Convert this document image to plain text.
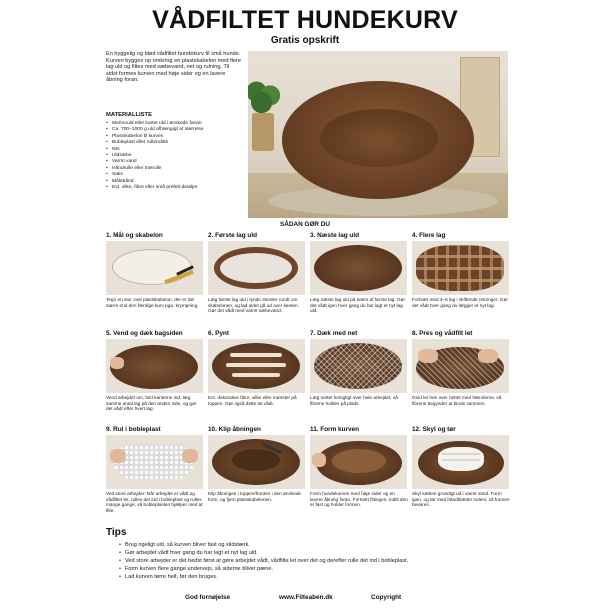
VÅDFILTET HUNDEKURV
Gratis opskrift

En hyggelig og blød vådfiltet hundekurv til små hunde. Kurven bygges op omkring en plastskabelon med flere lag uld og filtes med sæbevand, net og rulning. Til sidst formes kurven med høje sider og en lavere åbning foran.

MATERIALLISTE
• Merinould eller kartet uld i ønskede farver
• Ca. 700–1000 g uld afhængigt af størrelse
• Plastskabelon til kurven
• Bobleplast eller rullemåtte
• Net
• Uldsæbe
• Varmt vand
• Håndrulle eller trærulle
• Saks
• Målebånd
• Evt. silke, fibre eller små prefelt-detaljer
SÅDAN GØR DU
1. Mål og skabelon
Tegn en stor oval plastskabelon, der er lidt større end den færdige kurv pga. krympning.
2. Første lag uld
Læg første lag uld i tynde strimler rundt om skabelonen, og lad uldet gå ud over kanten. Gør det vådt med varmt sæbevand.
3. Næste lag uld
Læg næste lag uld på tværs af første lag. Gør det vådt igen hver gang du har lagt et nyt lag uld.
4. Flere lag
Fortsæt med 4–6 lag i skiftende retninger. Gør det vådt hver gang du lægger et nyt lag.
5. Vend og dæk bagsiden
Vend arbejdet om, fold kanterne ind, læg samme antal lag på den anden side, og gør det vådt efter hvert lag.
6. Pynt
Evt. dekorative fibre, silke eller mønster på toppen. Gør også dette lat vådt.
7. Dæk med net
Læg nettet forsigtigt over hele arbejdet, så fibrene holdes på plads.
8. Pres og vådfilt let
Gnid let hen over nettet med hænderne, så fibrene begynder at binde sammen.
9. Rul i bobleplast
Ved store arbejder: Når arbejdet er vådt og vådfiltet let, rulles det ind i bobleplast og rulles mange gange, så bobleplasten hjælper med at filte.
10. Klip åbningen
Klip åbningen i toppen/fronten i den ønskede form, og fjern plastskabelonen.
11. Form kurven
Form hundekurven med høje sider og en lavere åbning foran. Fortsæt filtingen, indtil den er fast og holder formen.
12. Skyl og tør
Skyl sæben grundigt ud i varmt vand. Form igen, og tør med håndklæder indeni, så formen bevares.
Tips
• Brug rigeligt uld, så kurven bliver fast og slidstærk.
• Gør arbejdet vådt hver gang du har lagt et nyt lag uld.
• Ved store arbejder er det bedst først at gøre arbejdet vådt, vådfilte let over det og derefter rulle det ind i bobleplast.
• Form kurven flere gange undervejs, så siderne bliver pæne.
• Lad kurven tørre helt, før den bruges.
God fornøjelse	www.Filteaben.dk	Copyright
